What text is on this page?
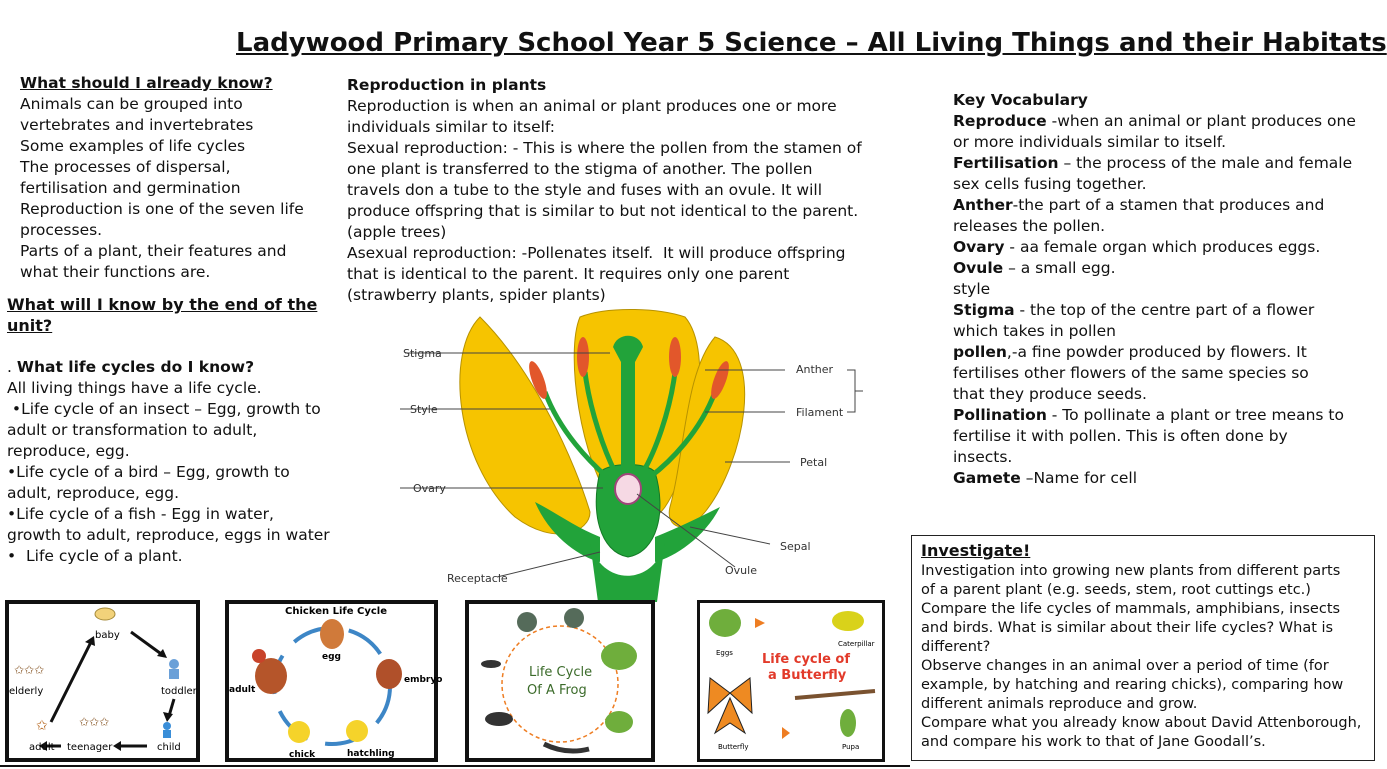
Ladywood Primary School Year 5 Science – All Living Things and their Habitats
What should I already know?
Animals can be grouped into
vertebrates and invertebrates
Some examples of life cycles
The processes of dispersal,
fertilisation and germination
Reproduction is one of the seven life
processes.
Parts of a plant, their features and
what their functions are.
What will I know by the end of the unit?
. What life cycles do I know?
All living things have a life cycle.
•Life cycle of an insect – Egg, growth to
adult or transformation to adult,
reproduce, egg.
•Life cycle of a bird – Egg, growth to
adult, reproduce, egg.
•Life cycle of a fish - Egg in water,
growth to adult, reproduce, eggs in water
•  Life cycle of a plant.
Reproduction in plants
Reproduction is when an animal or plant produces one or more
individuals similar to itself:
Sexual reproduction: - This is where the pollen from the stamen of
one plant is transferred to the stigma of another. The pollen
travels don a tube to the style and fuses with an ovule. It will
produce offspring that is similar to but not identical to the parent.
(apple trees)
Asexual reproduction: -Pollenates itself.  It will produce offspring
that is identical to the parent. It requires only one parent
(strawberry plants, spider plants)
Stigma
Style
Ovary
Receptacle
Anther
Filament
Petal
Sepal
Ovule
Key Vocabulary
Reproduce -when an animal or plant produces one
or more individuals similar to itself.
Fertilisation – the process of the male and female
sex cells fusing together.
Anther-the part of a stamen that produces and
releases the pollen.
Ovary - aa female organ which produces eggs.
Ovule – a small egg.
style
Stigma - the top of the centre part of a flower
which takes in pollen
pollen,-a fine powder produced by flowers. It
fertilises other flowers of the same species so
that they produce seeds.
Pollination - To pollinate a plant or tree means to
fertilise it with pollen. This is often done by
insects.
Gamete –Name for cell
Investigate!
Investigation into growing new plants from different parts
of a parent plant (e.g. seeds, stem, root cuttings etc.)
Compare the life cycles of mammals, amphibians, insects
and birds. What is similar about their life cycles? What is
different?
Observe changes in an animal over a period of time (for
example, by hatching and rearing chicks), comparing how
different animals reproduce and grow.
Compare what you already know about David Attenborough,
and compare his work to that of Jane Goodall’s.
baby
toddler
child
✩✩✩
teenager
✩
adult
✩✩✩
elderly
Chicken Life Cycle
egg
embryo
hatchling
chick
adult
Life Cycle
Of A Frog
Eggs
Caterpillar
Life cycle of
a Butterfly
Pupa
Butterfly
